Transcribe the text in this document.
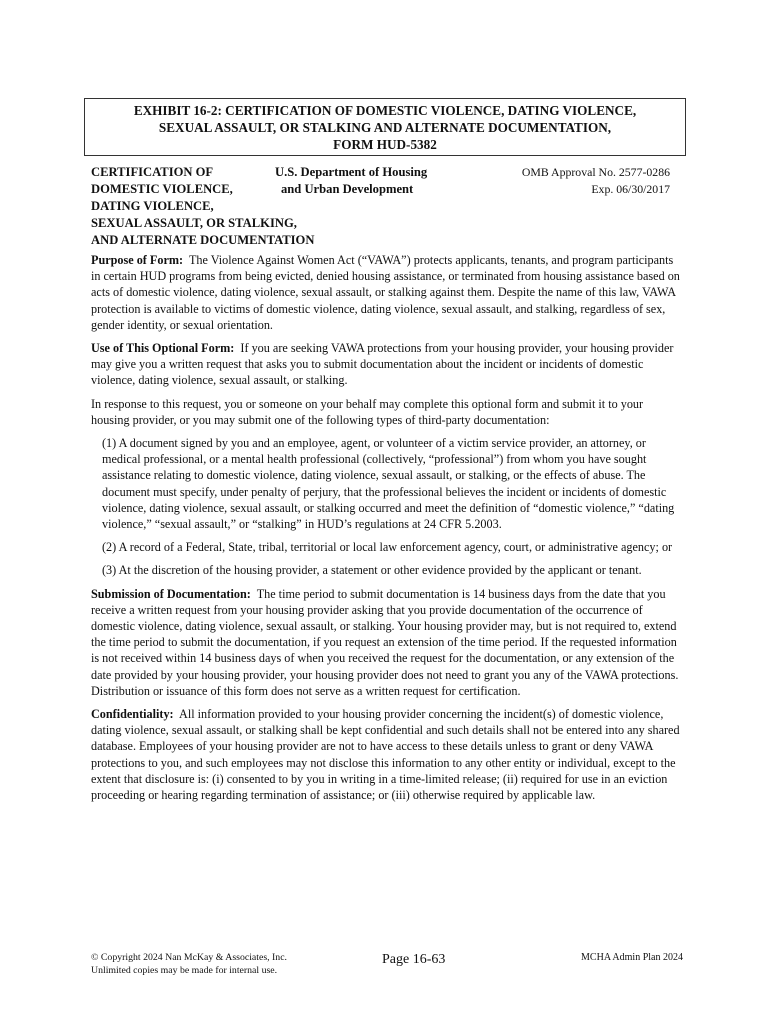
EXHIBIT 16-2: CERTIFICATION OF DOMESTIC VIOLENCE, DATING VIOLENCE,
SEXUAL ASSAULT, OR STALKING AND ALTERNATE DOCUMENTATION,
FORM HUD-5382
CERTIFICATION OF
DOMESTIC VIOLENCE,
DATING VIOLENCE,
SEXUAL ASSAULT, OR STALKING,
AND ALTERNATE DOCUMENTATION
U.S. Department of Housing
and Urban Development
OMB Approval No. 2577-0286
Exp. 06/30/2017

Purpose of Form: The Violence Against Women Act (“VAWA”) protects applicants, tenants, and program participants in certain HUD programs from being evicted, denied housing assistance, or terminated from housing assistance based on acts of domestic violence, dating violence, sexual assault, or stalking against them. Despite the name of this law, VAWA protection is available to victims of domestic violence, dating violence, sexual assault, and stalking, regardless of sex, gender identity, or sexual orientation.

Use of This Optional Form: If you are seeking VAWA protections from your housing provider, your housing provider may give you a written request that asks you to submit documentation about the incident or incidents of domestic violence, dating violence, sexual assault, or stalking.

In response to this request, you or someone on your behalf may complete this optional form and submit it to your housing provider, or you may submit one of the following types of third-party documentation:

(1) A document signed by you and an employee, agent, or volunteer of a victim service provider, an attorney, or medical professional, or a mental health professional (collectively, “professional”) from whom you have sought assistance relating to domestic violence, dating violence, sexual assault, or stalking, or the effects of abuse. The document must specify, under penalty of perjury, that the professional believes the incident or incidents of domestic violence, dating violence, sexual assault, or stalking occurred and meet the definition of “domestic violence,” “dating violence,” “sexual assault,” or “stalking” in HUD’s regulations at 24 CFR 5.2003.

(2) A record of a Federal, State, tribal, territorial or local law enforcement agency, court, or administrative agency; or

(3) At the discretion of the housing provider, a statement or other evidence provided by the applicant or tenant.

Submission of Documentation: The time period to submit documentation is 14 business days from the date that you receive a written request from your housing provider asking that you provide documentation of the occurrence of domestic violence, dating violence, sexual assault, or stalking. Your housing provider may, but is not required to, extend the time period to submit the documentation, if you request an extension of the time period. If the requested information is not received within 14 business days of when you received the request for the documentation, or any extension of the date provided by your housing provider, your housing provider does not need to grant you any of the VAWA protections. Distribution or issuance of this form does not serve as a written request for certification.

Confidentiality: All information provided to your housing provider concerning the incident(s) of domestic violence, dating violence, sexual assault, or stalking shall be kept confidential and such details shall not be entered into any shared database. Employees of your housing provider are not to have access to these details unless to grant or deny VAWA protections to you, and such employees may not disclose this information to any other entity or individual, except to the extent that disclosure is: (i) consented to by you in writing in a time-limited release; (ii) required for use in an eviction proceeding or hearing regarding termination of assistance; or (iii) otherwise required by applicable law.

© Copyright 2024 Nan McKay & Associates, Inc.
Unlimited copies may be made for internal use.
Page 16-63	MCHA Admin Plan 2024
